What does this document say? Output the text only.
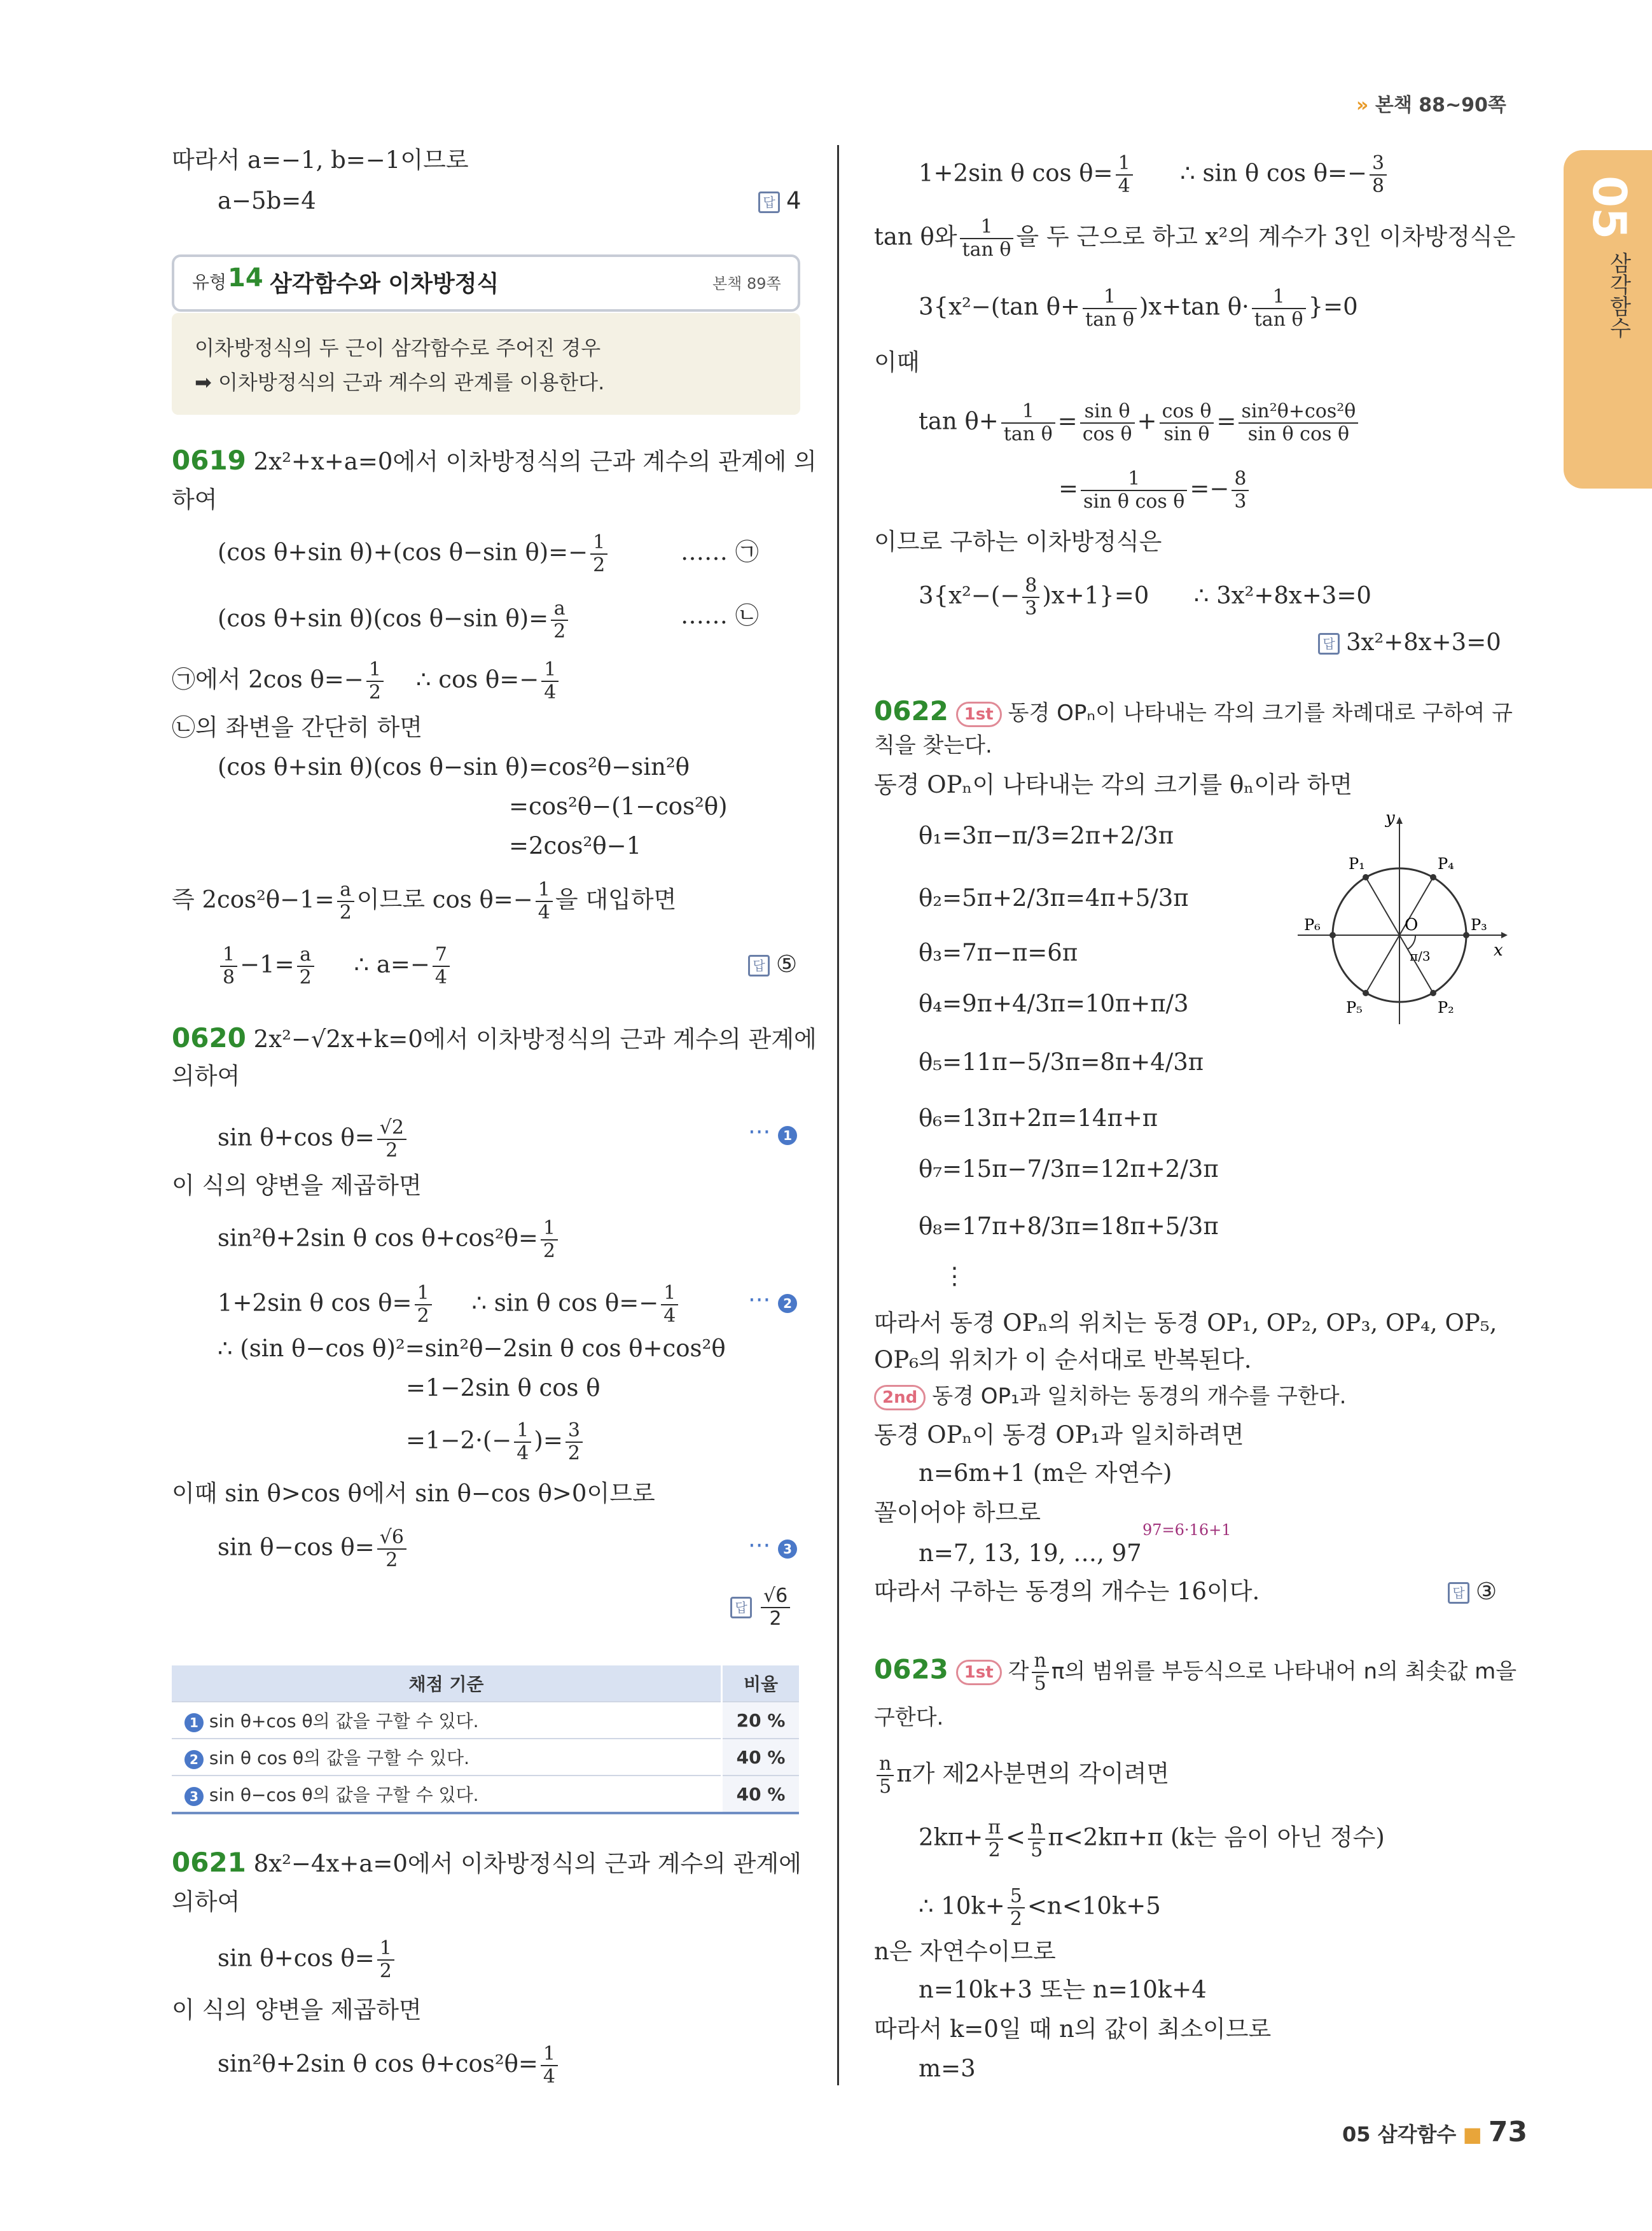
» 본책 88~90쪽
05
삼각함수
따라서 a=−1, b=−1이므로
a−5b=4	답 4
유형 14 삼각함수와 이차방정식	본책 89쪽
이차방정식의 두 근이 삼각함수로 주어진 경우
➡ 이차방정식의 근과 계수의 관계를 이용한다.
0619 2x²+x+a=0에서 이차방정식의 근과 계수의 관계에 의
하여
(cos θ+sin θ)+(cos θ−sin $\theta)=- \frac{1}{2}$	…… ㉠
(cos θ+sin θ)(cos θ−sin $\theta)= \frac{a}{2}$	…… ㉡
㉠에서 2cos $\theta=- \frac{1}{2}$ ∴ $\cos \theta=- \frac{1}{4}$
㉡의 좌변을 간단히 하면
(cos θ+sin θ)(cos θ−sin θ)=cos²θ−sin²θ
=cos²θ−(1−cos²θ)
=2cos²θ−1
즉 $2\cos^2\theta-1= \frac{a}{2}$ 이므로 $\cos \theta=- \frac{1}{4}$ 을 대입하면
$\frac{1}{8} -1= \frac{a}{2}$ ∴ $a=- \frac{7}{4}$	답 ⑤
0620 2x²−√2x+k=0에서 이차방정식의 근과 계수의 관계에
의하여
sin θ+cos $\theta= \frac{√2}{2}$	··· 1
이 식의 양변을 제곱하면
sin²θ+2sin θ $\cos \theta+\cos^2\theta= \frac{1}{2}$
1+2sin θ $\cos \theta= \frac{1}{2}$ ∴ sin θ $\cos \theta=- \frac{1}{4}$	··· 2
∴ (sin θ−cos θ)²=sin²θ−2sin θ cos θ+cos²θ
=1−2sin θ cos θ
$=1-2\cdot(- \frac{1}{4}$ )= $\frac{3}{2}$
이때 sin θ>cos θ에서 sin θ−cos θ>0이므로
sin θ−cos $\theta= \frac{√6}{2}$	··· 3
답 $\frac{√6}{2}$
채점 기준	비율
1 sin θ+cos θ의 값을 구할 수 있다.	20 %
2 sin θ cos θ의 값을 구할 수 있다.	40 %
3 sin θ−cos θ의 값을 구할 수 있다.	40 %
0621 8x²−4x+a=0에서 이차방정식의 근과 계수의 관계에
의하여
sin θ+cos $\theta= \frac{1}{2}$
이 식의 양변을 제곱하면
sin²θ+2sin θ $\cos \theta+\cos^2\theta= \frac{1}{4}$
1+2sin θ $\cos \theta= \frac{1}{4}$ ∴ sin θ $\cos \theta=- \frac{3}{8}$
tan θ와 $\frac{1}{\text{tan θ}}$ 을 두 근으로 하고 x²의 계수가 3인 이차방정식은
3{x²−(tan $\theta+ \frac{1}{\text{tan θ}} )x+\tan$ $\theta\cdot \frac{1}{\text{tan θ}} \}=0$
이때
$\tan \theta+ \frac{1}{\text{tan θ}} = \frac{\text{sin θ}}{\text{cos θ}} + \frac{\text{cos θ}}{\text{sin θ}} = \frac{\text{sin²θ+cos²θ}}{\text{sin θ cos θ}}$
= $\frac{1}{\text{sin θ cos θ}} =- \frac{8}{3}$
이므로 구하는 이차방정식은
$3\{x^2-(- \frac{8}{3} )x+1\}=0$ ∴ 3x²+8x+3=0
답 3x²+8x+3=0
0622 1st 동경 OPₙ이 나타내는 각의 크기를 차례대로 구하여 규
칙을 찾는다.
동경 OPₙ이 나타내는 각의 크기를 θₙ이라 하면
θ₁=3π−π/3=2π+2/3π
θ₂=5π+2/3π=4π+5/3π
θ₃=7π−π=6π
θ₄=9π+4/3π=10π+π/3
θ₅=11π−5/3π=8π+4/3π
θ₆=13π+2π=14π+π
θ₇=15π−7/3π=12π+2/3π
θ₈=17π+8/3π=18π+5/3π
⋮
y
x
O
P₁	P₄
P₃
P₆
P₅	P₂
π/3
따라서 동경 OPₙ의 위치는 동경 OP₁, OP₂, OP₃, OP₄, OP₅,
OP₆의 위치가 이 순서대로 반복된다.
2nd 동경 OP₁과 일치하는 동경의 개수를 구한다.
동경 OPₙ이 동경 OP₁과 일치하려면
n=6m+1 (m은 자연수)
꼴이어야 하므로
n=7, 13, 19, …, 97
97=6·16+1
따라서 구하는 동경의 개수는 16이다.	답 ③
0623 1st 각 $\frac{n}{5}$ π의 범위를 부등식으로 나타내어 n의 최솟값 m을
구한다.
$\frac{n}{5}$ π가 제2사분면의 각이려면
$2k\pi+ \frac{\pi}{2} < \frac{n}{5} \pi<2k\pi+\pi$ (k는 음이 아닌 정수)
∴ $10k+ \frac{5}{2} <n<10k+5$
n은 자연수이므로
n=10k+3 또는 n=10k+4
따라서 k=0일 때 n의 값이 최소이므로
m=3
05 삼각함수 ■ 73
